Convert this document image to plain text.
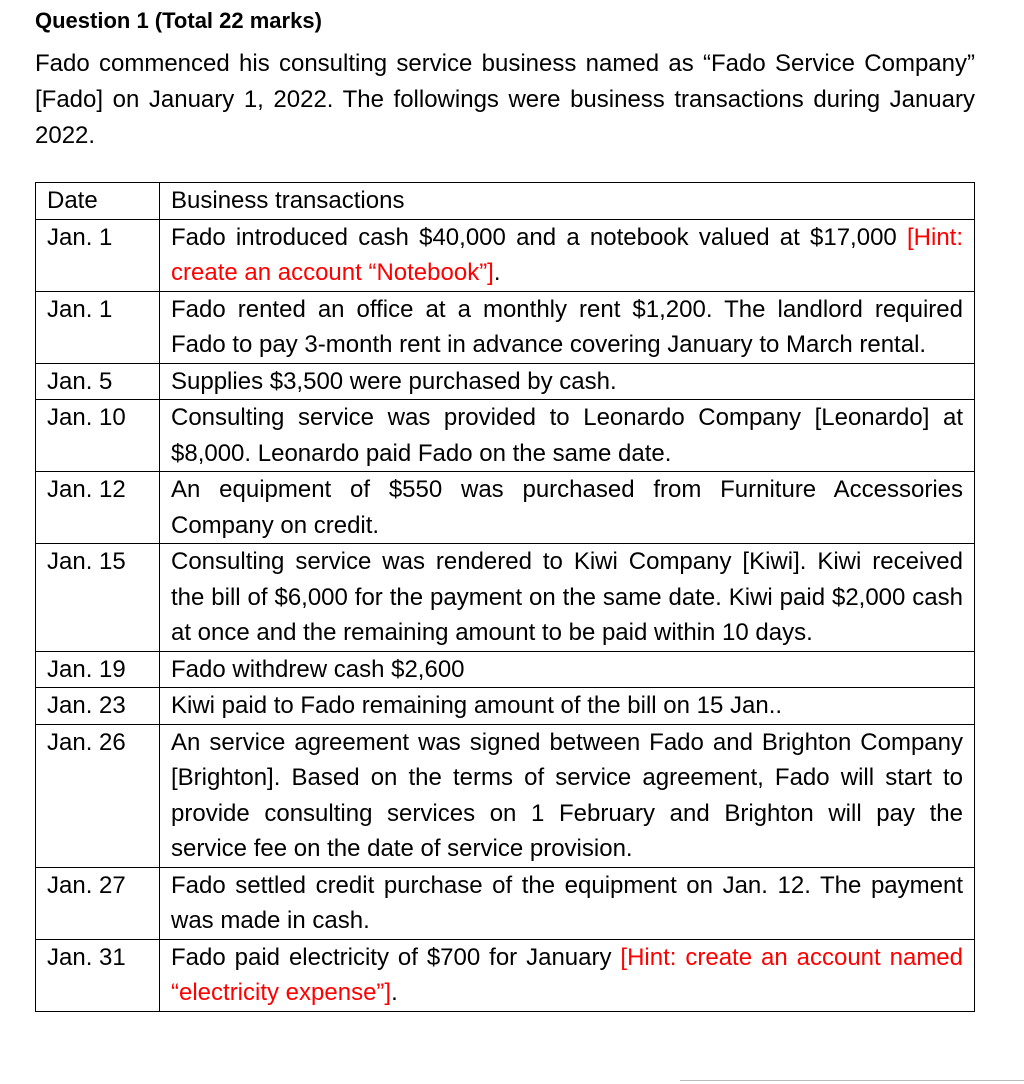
Question 1 (Total 22 marks)

Fado commenced his consulting service business named as “Fado Service Company” [Fado] on January 1, 2022. The followings were business transactions during January 2022.

Date	Business transactions
Jan. 1	Fado introduced cash $40,000 and a notebook valued at $17,000 [Hint: create an account “Notebook”].
Jan. 1	Fado rented an office at a monthly rent $1,200. The landlord required Fado to pay 3-month rent in advance covering January to March rental.
Jan. 5	Supplies $3,500 were purchased by cash.
Jan. 10	Consulting service was provided to Leonardo Company [Leonardo] at $8,000. Leonardo paid Fado on the same date.
Jan. 12	An equipment of $550 was purchased from Furniture Accessories Company on credit.
Jan. 15	Consulting service was rendered to Kiwi Company [Kiwi]. Kiwi received the bill of $6,000 for the payment on the same date. Kiwi paid $2,000 cash at once and the remaining amount to be paid within 10 days.
Jan. 19	Fado withdrew cash $2,600
Jan. 23	Kiwi paid to Fado remaining amount of the bill on 15 Jan..
Jan. 26	An service agreement was signed between Fado and Brighton Company [Brighton]. Based on the terms of service agreement, Fado will start to provide consulting services on 1 February and Brighton will pay the service fee on the date of service provision.
Jan. 27	Fado settled credit purchase of the equipment on Jan. 12. The payment was made in cash.
Jan. 31	Fado paid electricity of $700 for January [Hint: create an account named “electricity expense”].
